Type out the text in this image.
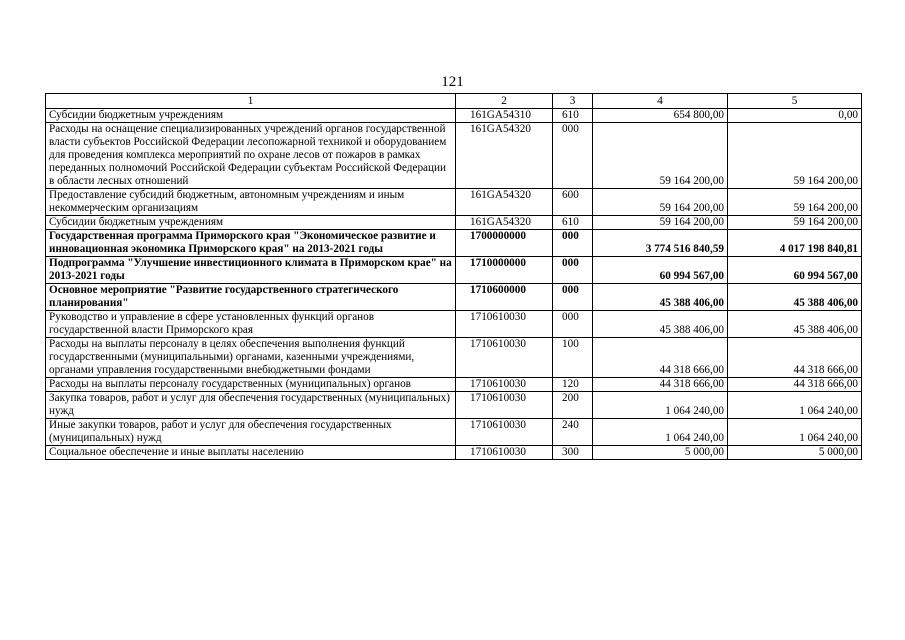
121
1	2	3	4	5
Субсидии бюджетным учреждениям	161GA54310	610	654 800,00	0,00
Расходы на оснащение специализированных учреждений органов государственной власти субъектов Российской Федерации лесопожарной техникой и оборудованием для проведения комплекса мероприятий по охране лесов от пожаров в рамках переданных полномочий Российской Федерации субъектам Российской Федерации в области лесных отношений	161GA54320	000	59 164 200,00	59 164 200,00
Предоставление субсидий бюджетным, автономным учреждениям и иным некоммерческим организациям	161GA54320	600	59 164 200,00	59 164 200,00
Субсидии бюджетным учреждениям	161GA54320	610	59 164 200,00	59 164 200,00
Государственная программа Приморского края "Экономическое развитие и инновационная экономика Приморского края" на 2013-2021 годы	1700000000	000	3 774 516 840,59	4 017 198 840,81
Подпрограмма "Улучшение инвестиционного климата в Приморском крае" на 2013-2021 годы	1710000000	000	60 994 567,00	60 994 567,00
Основное мероприятие "Развитие государственного стратегического планирования"	1710600000	000	45 388 406,00	45 388 406,00
Руководство и управление в сфере установленных функций органов государственной власти Приморского края	1710610030	000	45 388 406,00	45 388 406,00
Расходы на выплаты персоналу в целях обеспечения выполнения функций государственными (муниципальными) органами, казенными учреждениями, органами управления государственными внебюджетными фондами	1710610030	100	44 318 666,00	44 318 666,00
Расходы на выплаты персоналу государственных (муниципальных) органов	1710610030	120	44 318 666,00	44 318 666,00
Закупка товаров, работ и услуг для обеспечения государственных (муниципальных) нужд	1710610030	200	1 064 240,00	1 064 240,00
Иные закупки товаров, работ и услуг для обеспечения государственных (муниципальных) нужд	1710610030	240	1 064 240,00	1 064 240,00
Социальное обеспечение и иные выплаты населению	1710610030	300	5 000,00	5 000,00
